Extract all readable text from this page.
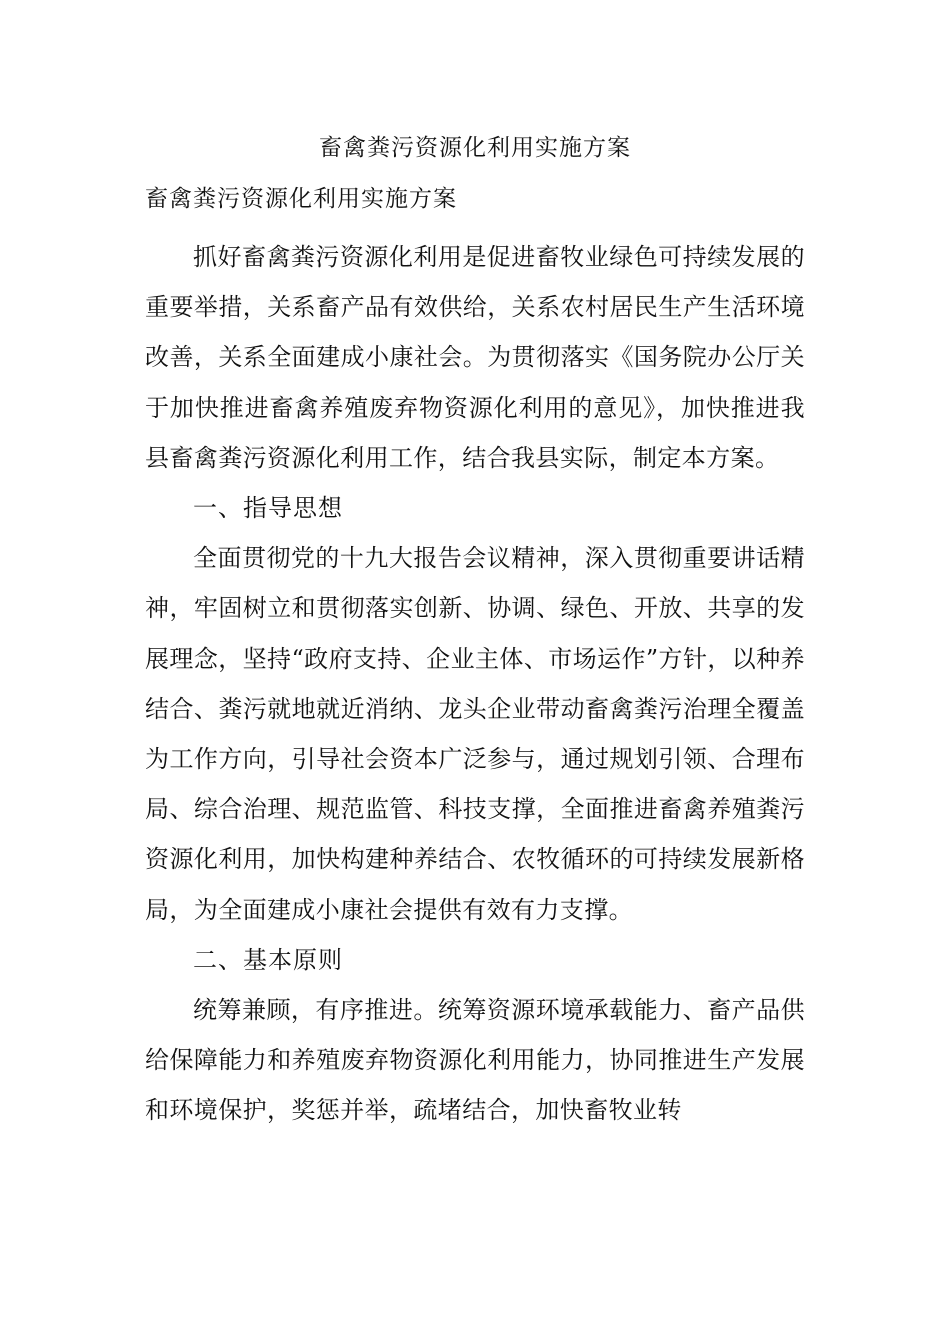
畜禽粪污资源化利用实施方案
畜禽粪污资源化利用实施方案

抓好畜禽粪污资源化利用是促进畜牧业绿色可持续发展的重要举措，关系畜产品有效供给，关系农村居民生产生活环境改善，关系全面建成小康社会。为贯彻落实《国务院办公厅关于加快推进畜禽养殖废弃物资源化利用的意见》，加快推进我县畜禽粪污资源化利用工作，结合我县实际，制定本方案。

一、指导思想

全面贯彻党的十九大报告会议精神，深入贯彻重要讲话精神，牢固树立和贯彻落实创新、协调、绿色、开放、共享的发展理念，坚持“政府支持、企业主体、市场运作”方针，以种养结合、粪污就地就近消纳、龙头企业带动畜禽粪污治理全覆盖为工作方向，引导社会资本广泛参与，通过规划引领、合理布局、综合治理、规范监管、科技支撑，全面推进畜禽养殖粪污资源化利用，加快构建种养结合、农牧循环的可持续发展新格局，为全面建成小康社会提供有效有力支撑。

二、基本原则

统筹兼顾，有序推进。统筹资源环境承载能力、畜产品供给保障能力和养殖废弃物资源化利用能力，协同推进生产发展和环境保护，奖惩并举，疏堵结合，加快畜牧业转
